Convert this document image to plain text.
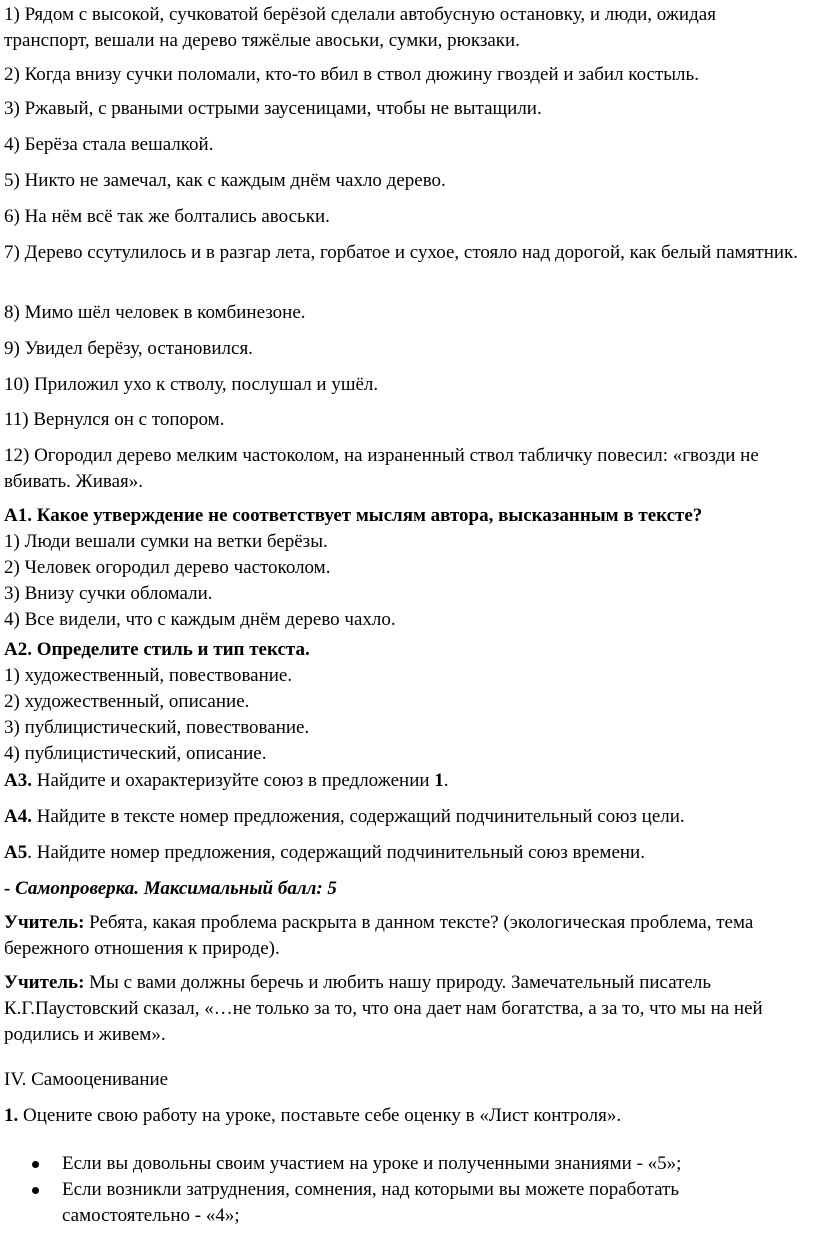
1) Рядом с высокой, сучковатой берёзой сделали автобусную остановку, и люди, ожидая транспорт, вешали на дерево тяжёлые авоськи, сумки, рюкзаки.

2) Когда внизу сучки поломали, кто-то вбил в ствол дюжину гвоздей и забил костыль.

3) Ржавый, с рваными острыми заусеницами, чтобы не вытащили.

4) Берёза стала вешалкой.

5) Никто не замечал, как с каждым днём чахло дерево.

6) На нём всё так же болтались авоськи.

7) Дерево ссутулилось и в разгар лета, горбатое и сухое, стояло над дорогой, как белый памятник.

8) Мимо шёл человек в комбинезоне.

9) Увидел берёзу, остановился.

10) Приложил ухо к стволу, послушал и ушёл.

11) Вернулся он с топором.

12) Огородил дерево мелким частоколом, на израненный ствол табличку повесил: «гвозди не вбивать. Живая».

А1. Какое утверждение не соответствует мыслям автора, высказанным в тексте?
1) Люди вешали сумки на ветки берёзы.
2) Человек огородил дерево частоколом.
3) Внизу сучки обломали.
4) Все видели, что с каждым днём дерево чахло.
А2. Определите стиль и тип текста.
1) художественный, повествование.
2) художественный, описание.
3) публицистический, повествование.
4) публицистический, описание.

А3. Найдите и охарактеризуйте союз в предложении 1.

А4. Найдите в тексте номер предложения, содержащий подчинительный союз цели.

А5. Найдите номер предложения, содержащий подчинительный союз времени.

- Самопроверка. Максимальный балл: 5

Учитель: Ребята, какая проблема раскрыта в данном тексте? (экологическая проблема, тема бережного отношения к природе).

Учитель: Мы с вами должны беречь и любить нашу природу. Замечательный писатель К.Г.Паустовский сказал, «…не только за то, что она дает нам богатства, а за то, что мы на ней родились и живем».

IV. Самооценивание

1. Оцените свою работу на уроке, поставьте себе оценку в «Лист контроля».

Если вы довольны своим участием на уроке и полученными знаниями - «5»;
Если возникли затруднения, сомнения, над которыми вы можете поработать самостоятельно - «4»;
